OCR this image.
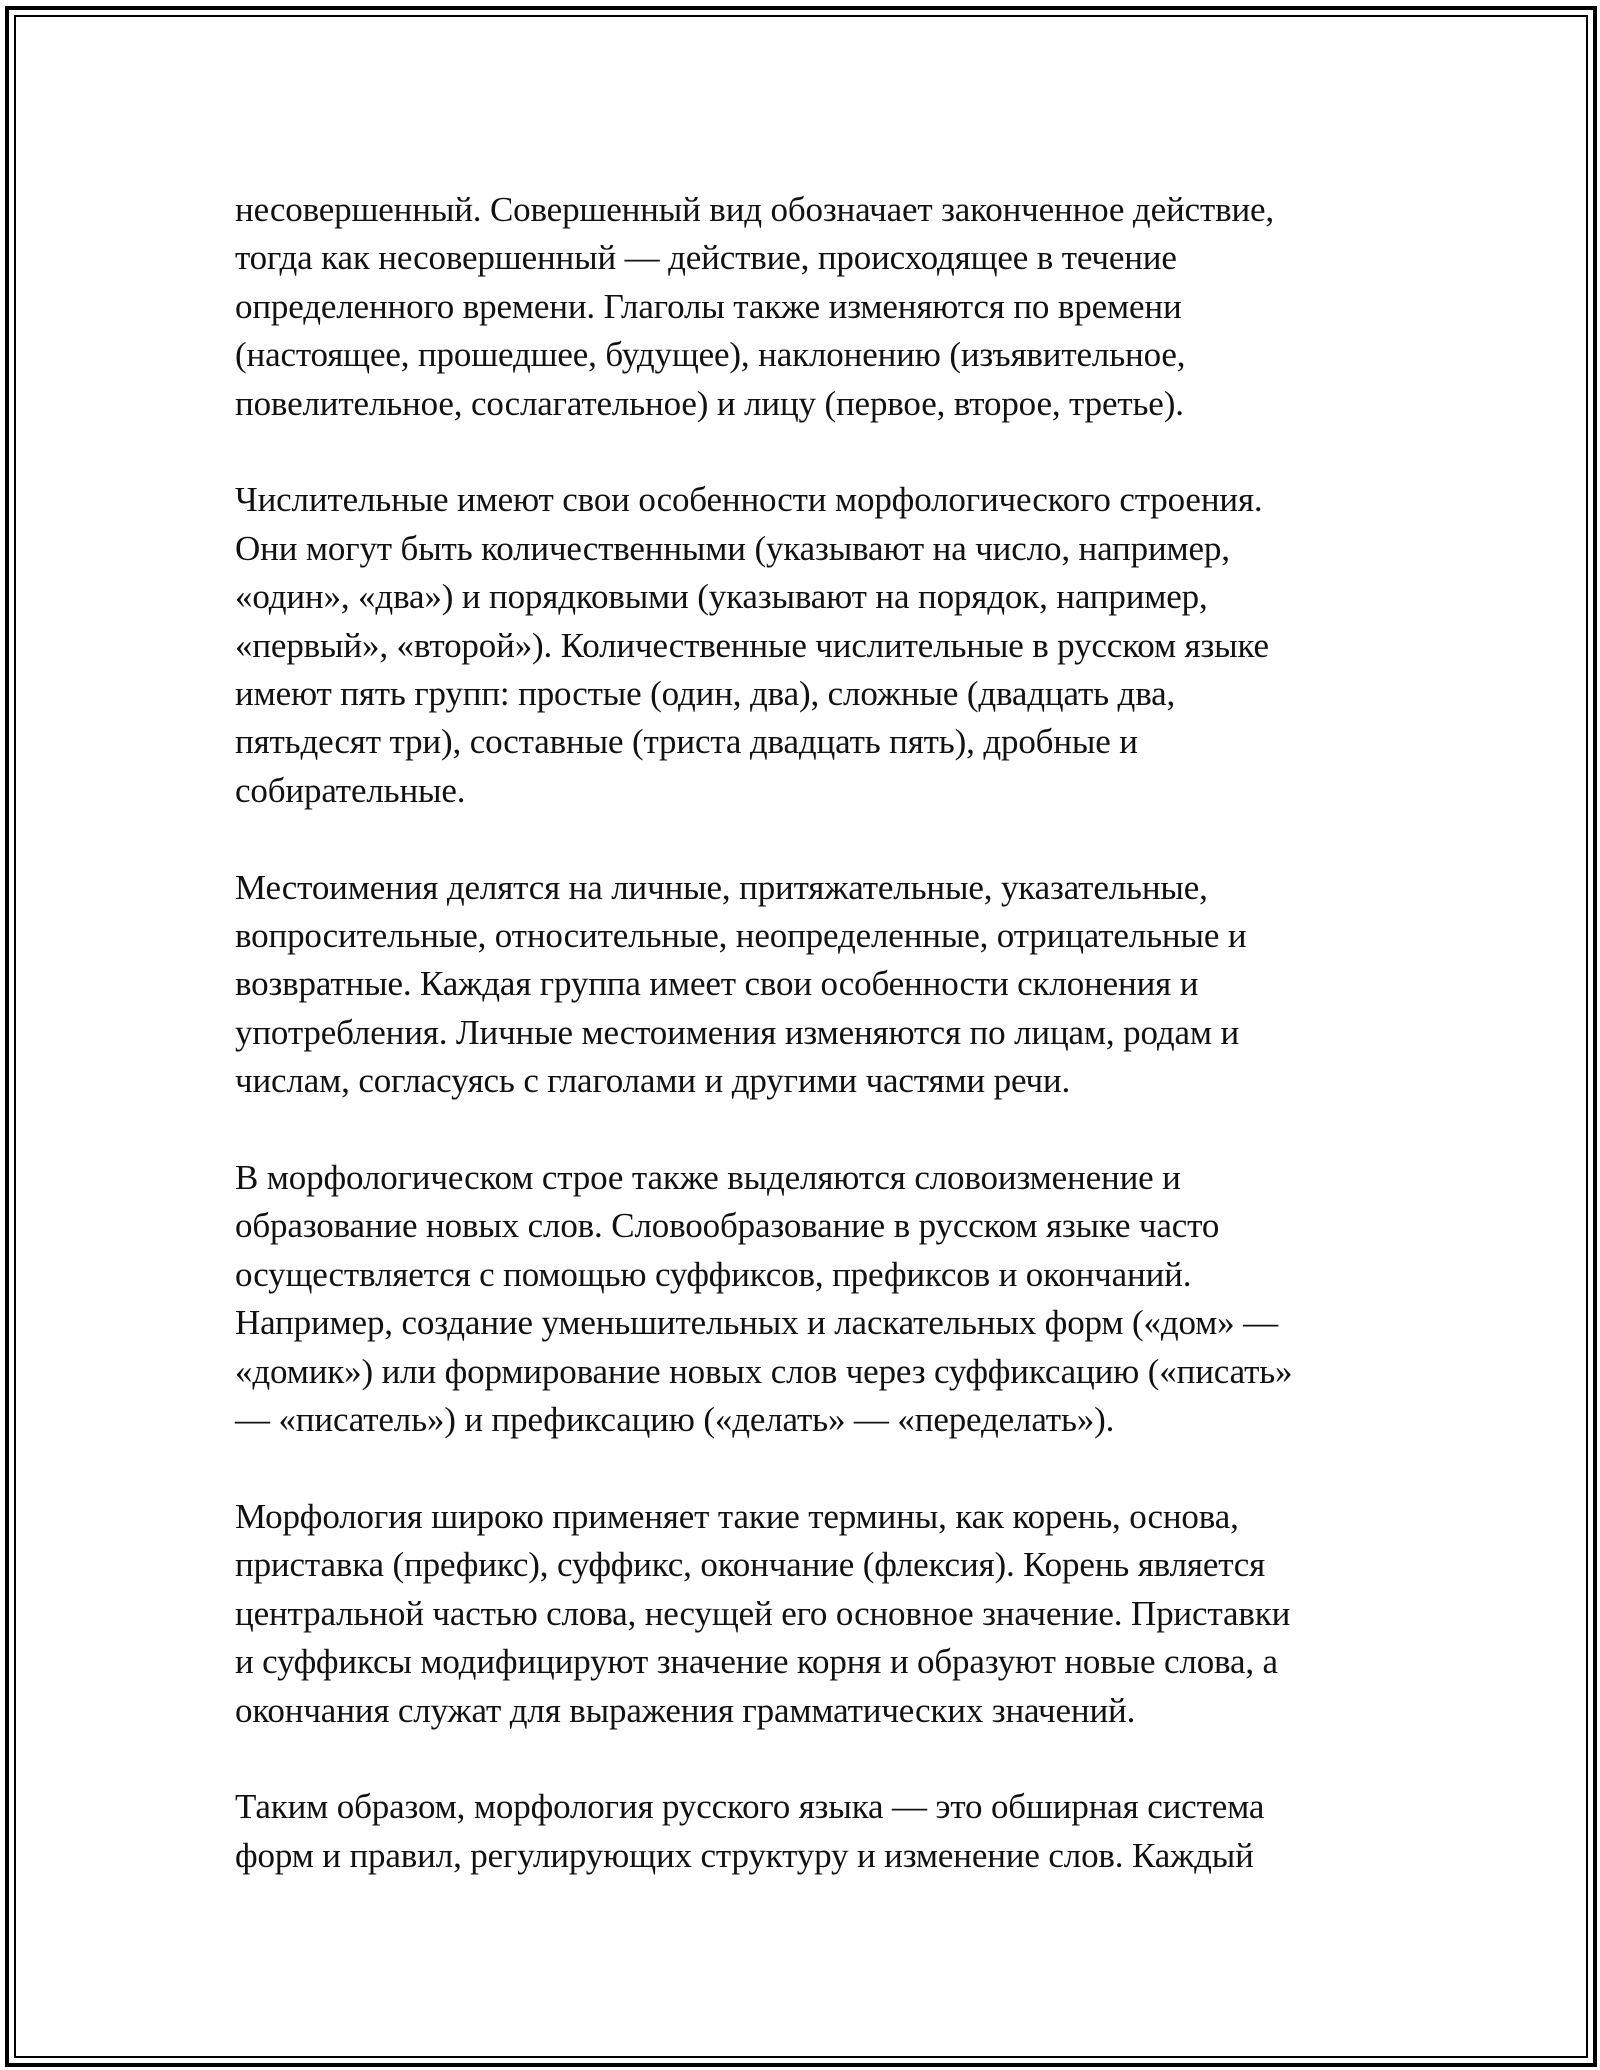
несовершенный. Совершенный вид обозначает законченное действие,
тогда как несовершенный — действие, происходящее в течение
определенного времени. Глаголы также изменяются по времени
(настоящее, прошедшее, будущее), наклонению (изъявительное,
повелительное, сослагательное) и лицу (первое, второе, третье).

Числительные имеют свои особенности морфологического строения.
Они могут быть количественными (указывают на число, например,
«один», «два») и порядковыми (указывают на порядок, например,
«первый», «второй»). Количественные числительные в русском языке
имеют пять групп: простые (один, два), сложные (двадцать два,
пятьдесят три), составные (триста двадцать пять), дробные и
собирательные.

Местоимения делятся на личные, притяжательные, указательные,
вопросительные, относительные, неопределенные, отрицательные и
возвратные. Каждая группа имеет свои особенности склонения и
употребления. Личные местоимения изменяются по лицам, родам и
числам, согласуясь с глаголами и другими частями речи.

В морфологическом строе также выделяются словоизменение и
образование новых слов. Словообразование в русском языке часто
осуществляется с помощью суффиксов, префиксов и окончаний.
Например, создание уменьшительных и ласкательных форм («дом» —
«домик») или формирование новых слов через суффиксацию («писать»
— «писатель») и префиксацию («делать» — «переделать»).

Морфология широко применяет такие термины, как корень, основа,
приставка (префикс), суффикс, окончание (флексия). Корень является
центральной частью слова, несущей его основное значение. Приставки
и суффиксы модифицируют значение корня и образуют новые слова, а
окончания служат для выражения грамматических значений.

Таким образом, морфология русского языка — это обширная система
форм и правил, регулирующих структуру и изменение слов. Каждый
